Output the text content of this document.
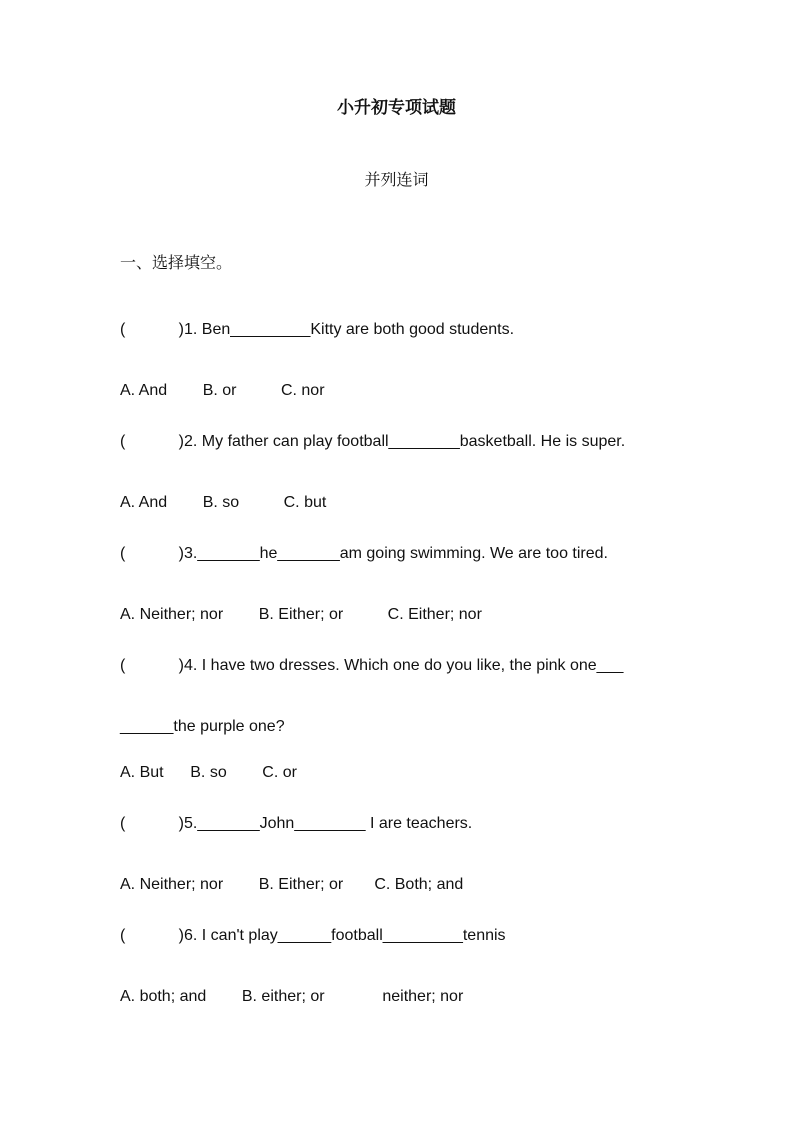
小升初专项试题
并列连词
一、选择填空。
(            )1. Ben_________Kitty are both good students.
A. And        B. or          C. nor
(            )2. My father can play football________basketball. He is super.
A. And        B. so          C. but
(            )3._______he_______am going swimming. We are too tired.
A. Neither; nor        B. Either; or          C. Either; nor
(            )4. I have two dresses. Which one do you like, the pink one___
______the purple one?
A. But      B. so        C. or
(            )5._______John________ I are teachers.
A. Neither; nor        B. Either; or       C. Both; and
(            )6. I can't play______football_________tennis
A. both; and        B. either; or             neither; nor
